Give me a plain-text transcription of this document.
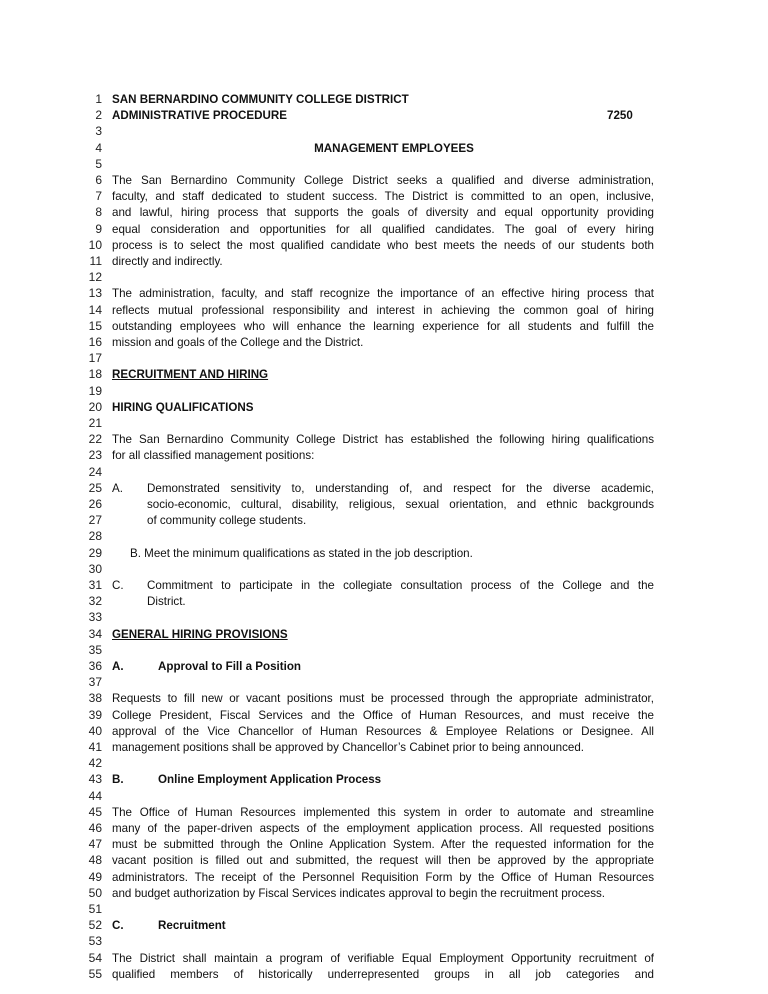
1
2
3
4
5
6
7
8
9
10
11
12
13
14
15
16
17
18
19
20
21
22
23
24
25
26
27
28
29
30
31
32
33
34
35
36
37
38
39
40
41
42
43
44
45
46
47
48
49
50
51
52
53
54
55
SAN BERNARDINO COMMUNITY COLLEGE DISTRICT
ADMINISTRATIVE PROCEDURE	7250
MANAGEMENT EMPLOYEES
The San Bernardino Community College District seeks a qualified and diverse administration,
faculty, and staff dedicated to student success. The District is committed to an open, inclusive,
and lawful, hiring process that supports the goals of diversity and equal opportunity providing
equal consideration and opportunities for all qualified candidates. The goal of every hiring
process is to select the most qualified candidate who best meets the needs of our students both
directly and indirectly.
The administration, faculty, and staff recognize the importance of an effective hiring process that
reflects mutual professional responsibility and interest in achieving the common goal of hiring
outstanding employees who will enhance the learning experience for all students and fulfill the
mission and goals of the College and the District.
RECRUITMENT AND HIRING
HIRING QUALIFICATIONS
The San Bernardino Community College District has established the following hiring qualifications
for all classified management positions:
A. Demonstrated sensitivity to, understanding of, and respect for the diverse academic,
socio-economic, cultural, disability, religious, sexual orientation, and ethnic backgrounds
of community college students.
B. Meet the minimum qualifications as stated in the job description.
C. Commitment to participate in the collegiate consultation process of the College and the
District.
GENERAL HIRING PROVISIONS
A.	Approval to Fill a Position
Requests to fill new or vacant positions must be processed through the appropriate administrator,
College President, Fiscal Services and the Office of Human Resources, and must receive the
approval of the Vice Chancellor of Human Resources & Employee Relations or Designee. All
management positions shall be approved by Chancellor’s Cabinet prior to being announced.
B.	Online Employment Application Process
The Office of Human Resources implemented this system in order to automate and streamline
many of the paper-driven aspects of the employment application process. All requested positions
must be submitted through the Online Application System. After the requested information for the
vacant position is filled out and submitted, the request will then be approved by the appropriate
administrators. The receipt of the Personnel Requisition Form by the Office of Human Resources
and budget authorization by Fiscal Services indicates approval to begin the recruitment process.
C.	Recruitment
The District shall maintain a program of verifiable Equal Employment Opportunity recruitment of
qualified members of historically underrepresented groups in all job categories and
